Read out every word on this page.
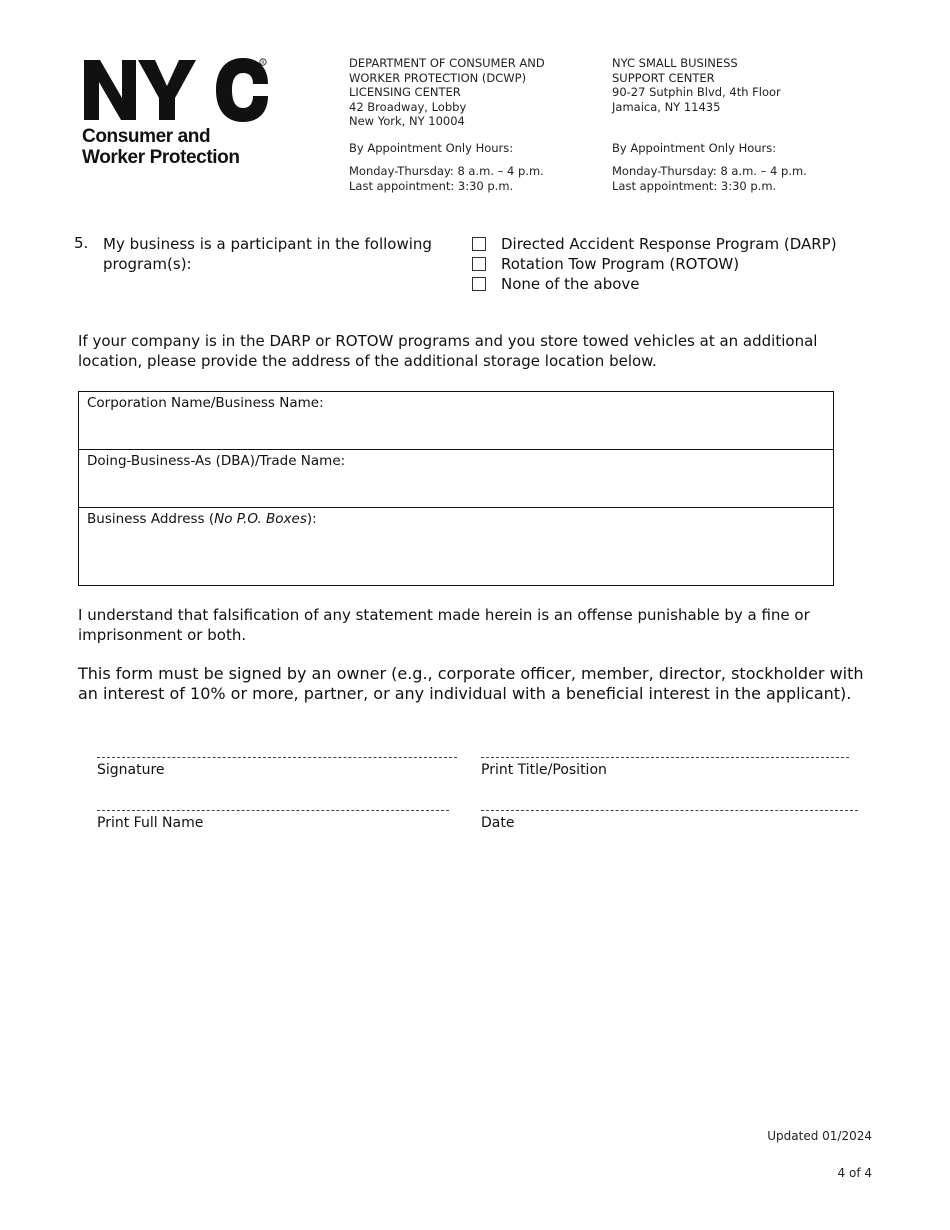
R
Consumer and
Worker Protection
DEPARTMENT OF CONSUMER AND
WORKER PROTECTION (DCWP)
LICENSING CENTER
42 Broadway, Lobby
New York, NY 10004
By Appointment Only Hours:
Monday-Thursday: 8 a.m. – 4 p.m.
Last appointment: 3:30 p.m.
NYC SMALL BUSINESS
SUPPORT CENTER
90-27 Sutphin Blvd, 4th Floor
Jamaica, NY 11435
By Appointment Only Hours:
Monday-Thursday: 8 a.m. – 4 p.m.
Last appointment: 3:30 p.m.
5. My business is a participant in the following program(s):
Directed Accident Response Program (DARP)
Rotation Tow Program (ROTOW)
None of the above
If your company is in the DARP or ROTOW programs and you store towed vehicles at an additional location, please provide the address of the additional storage location below.
Corporation Name/Business Name:
Doing-Business-As (DBA)/Trade Name:
Business Address (No P.O. Boxes):
I understand that falsification of any statement made herein is an offense punishable by a fine or imprisonment or both.
This form must be signed by an owner (e.g., corporate officer, member, director, stockholder with an interest of 10% or more, partner, or any individual with a beneficial interest in the applicant).
Signature	Print Title/Position
Print Full Name	Date
Updated 01/2024
4 of 4
